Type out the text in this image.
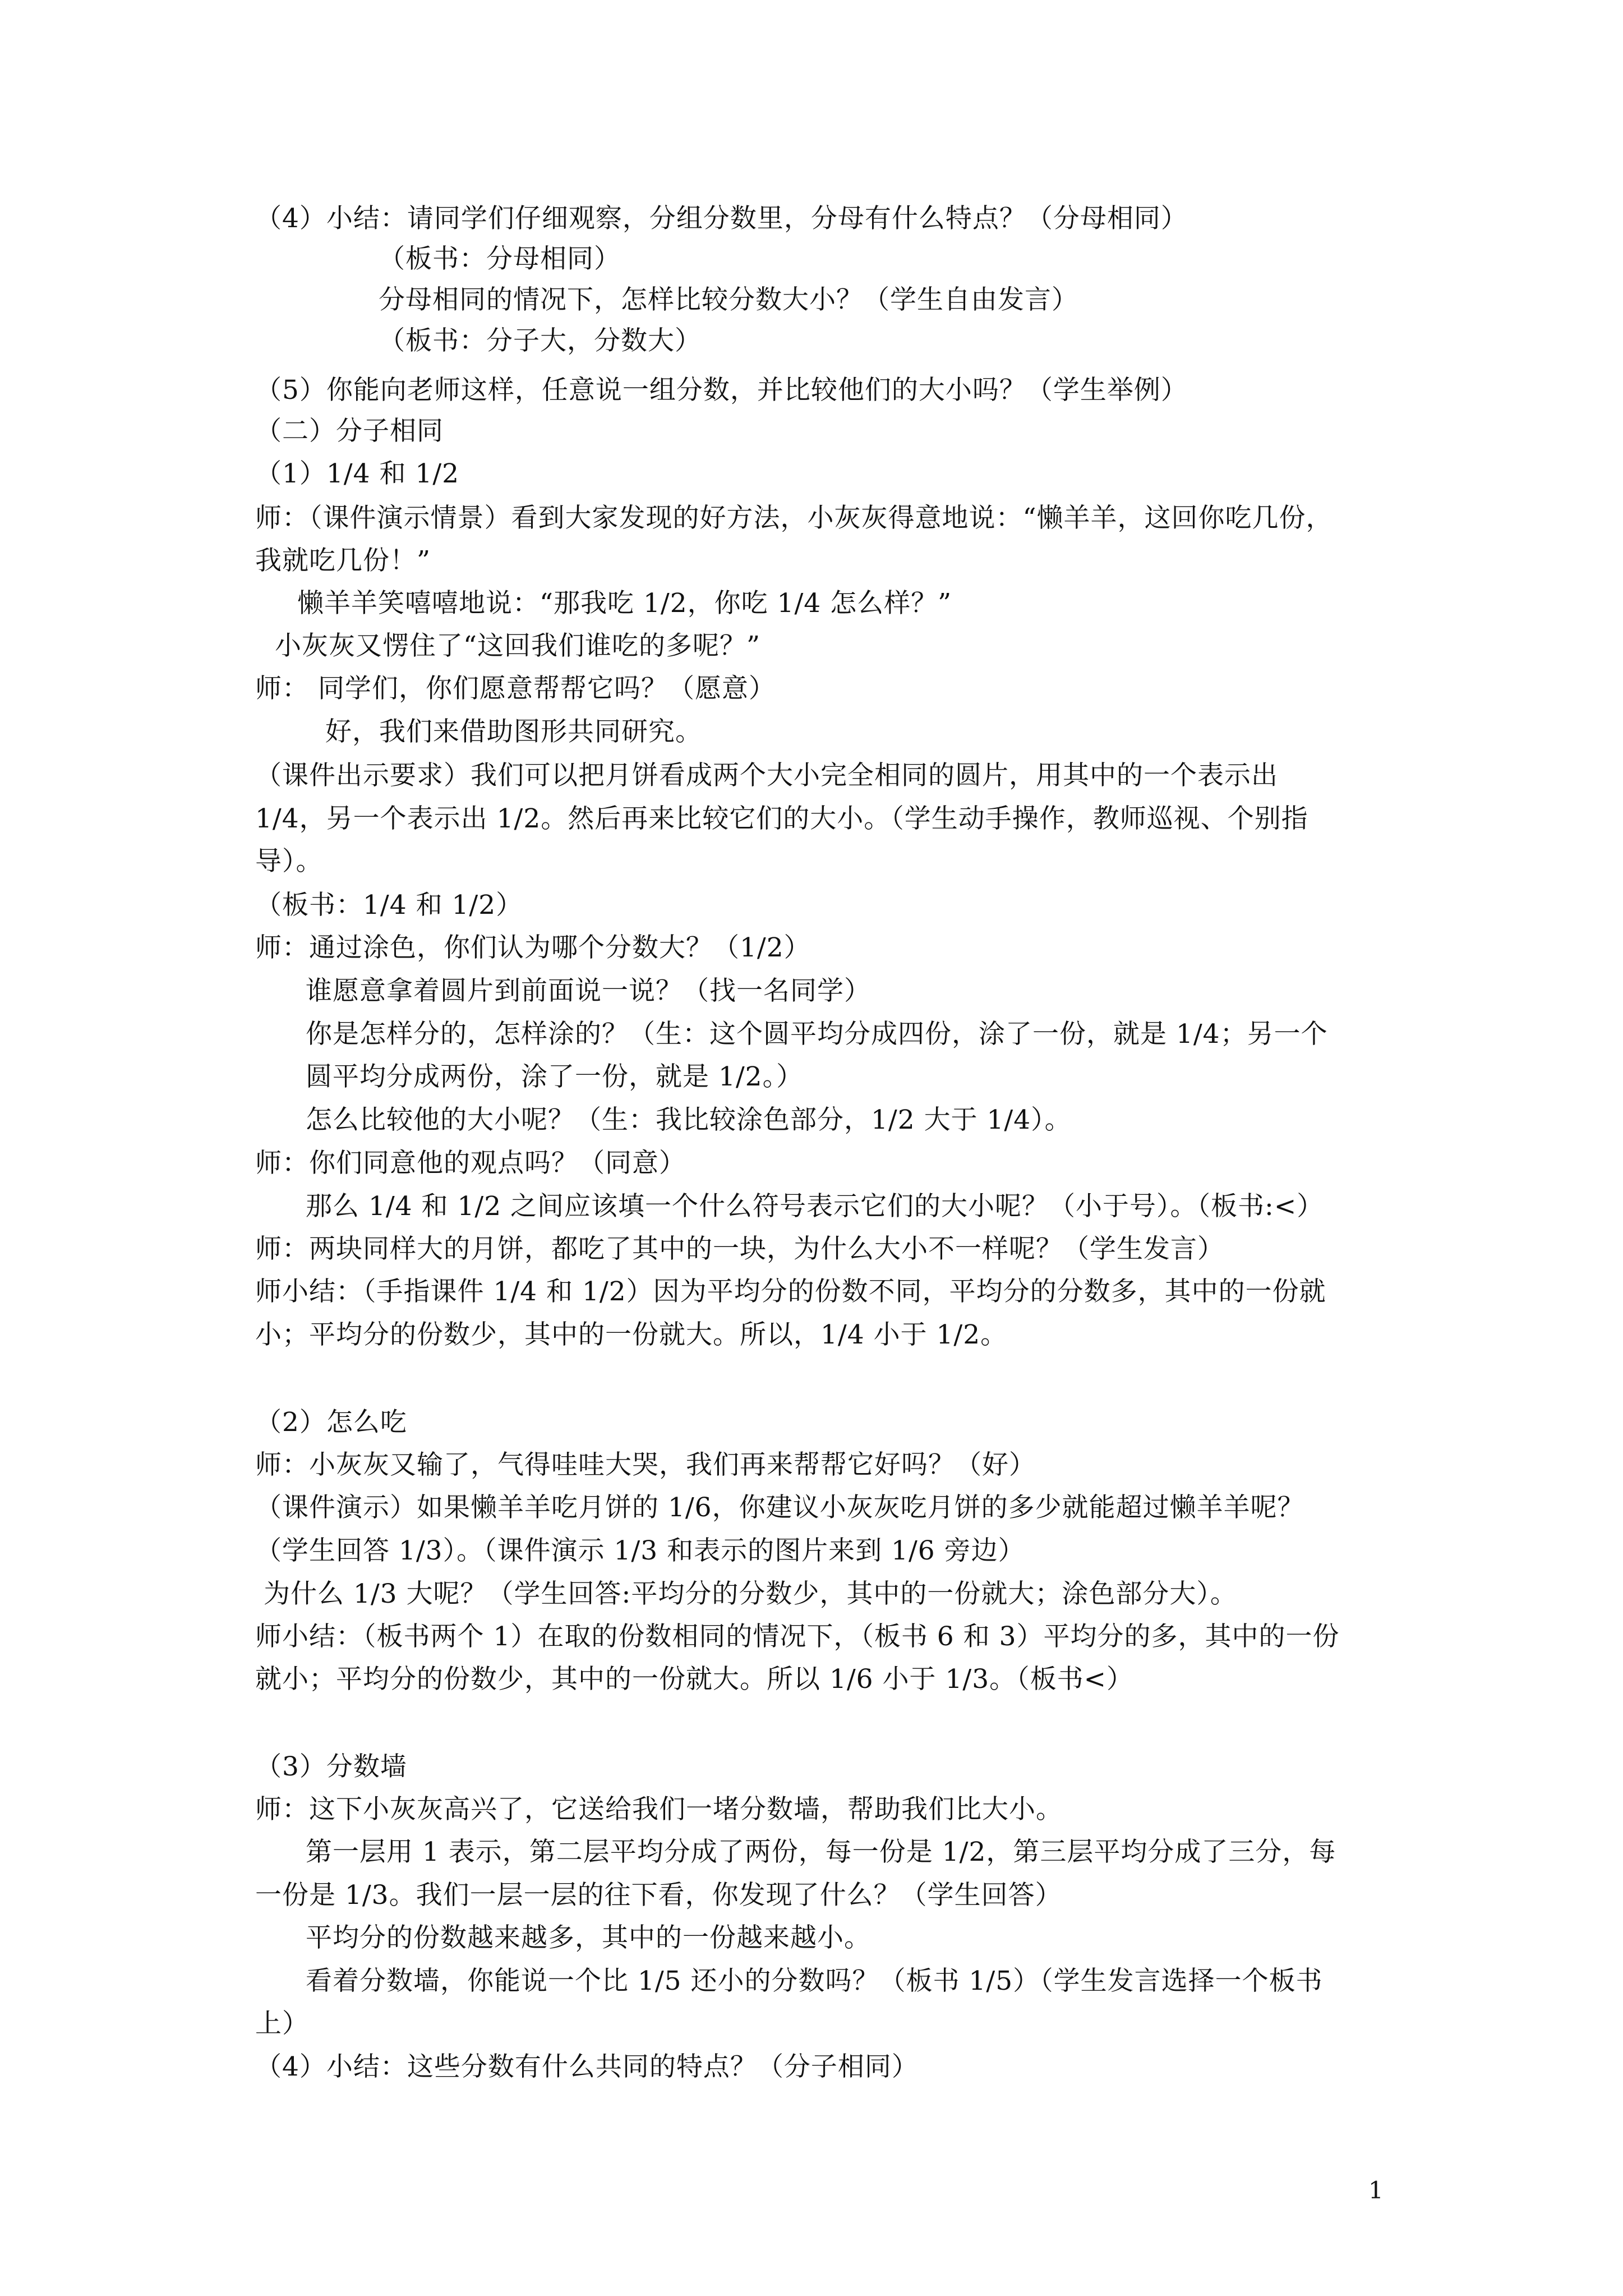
（4）小结：请同学们仔细观察，分组分数里，分母有什么特点？（分母相同）
（板书：分母相同）
分母相同的情况下，怎样比较分数大小？（学生自由发言）
（板书：分子大，分数大）
（5）你能向老师这样，任意说一组分数，并比较他们的大小吗？（学生举例）
（二）分子相同
（1）1/4 和 1/2
师：（课件演示情景）看到大家发现的好方法，小灰灰得意地说：“懒羊羊，这回你吃几份，
我就吃几份！”
懒羊羊笑嘻嘻地说：“那我吃 1/2，你吃 1/4 怎么样？”
小灰灰又愣住了“这回我们谁吃的多呢？”
师： 同学们，你们愿意帮帮它吗？（愿意）
好，我们来借助图形共同研究。
（课件出示要求）我们可以把月饼看成两个大小完全相同的圆片，用其中的一个表示出
1/4，另一个表示出 1/2。然后再来比较它们的大小。（学生动手操作，教师巡视、个别指
导）。
（板书：1/4 和 1/2）
师：通过涂色，你们认为哪个分数大？（1/2）
谁愿意拿着圆片到前面说一说？（找一名同学）
你是怎样分的，怎样涂的？（生：这个圆平均分成四份，涂了一份，就是 1/4；另一个
圆平均分成两份，涂了一份，就是 1/2。）
怎么比较他的大小呢？（生：我比较涂色部分，1/2 大于 1/4）。
师：你们同意他的观点吗？（同意）
那么 1/4 和 1/2 之间应该填一个什么符号表示它们的大小呢？（小于号）。（板书:<）
师：两块同样大的月饼，都吃了其中的一块，为什么大小不一样呢？（学生发言）
师小结：（手指课件 1/4 和 1/2）因为平均分的份数不同，平均分的分数多，其中的一份就
小；平均分的份数少，其中的一份就大。所以，1/4 小于 1/2。
（2）怎么吃
师：小灰灰又输了，气得哇哇大哭，我们再来帮帮它好吗？（好）
（课件演示）如果懒羊羊吃月饼的 1/6，你建议小灰灰吃月饼的多少就能超过懒羊羊呢？
（学生回答 1/3）。（课件演示 1/3 和表示的图片来到 1/6 旁边）
为什么 1/3 大呢？（学生回答:平均分的分数少，其中的一份就大；涂色部分大）。
师小结：（板书两个 1）在取的份数相同的情况下，（板书 6 和 3）平均分的多，其中的一份
就小；平均分的份数少，其中的一份就大。所以 1/6 小于 1/3。（板书<）
（3）分数墙
师：这下小灰灰高兴了，它送给我们一堵分数墙，帮助我们比大小。
第一层用 1 表示，第二层平均分成了两份，每一份是 1/2，第三层平均分成了三分，每
一份是 1/3。我们一层一层的往下看，你发现了什么？（学生回答）
平均分的份数越来越多，其中的一份越来越小。
看着分数墙，你能说一个比 1/5 还小的分数吗？（板书 1/5）（学生发言选择一个板书
上）
（4）小结：这些分数有什么共同的特点？（分子相同）
1
